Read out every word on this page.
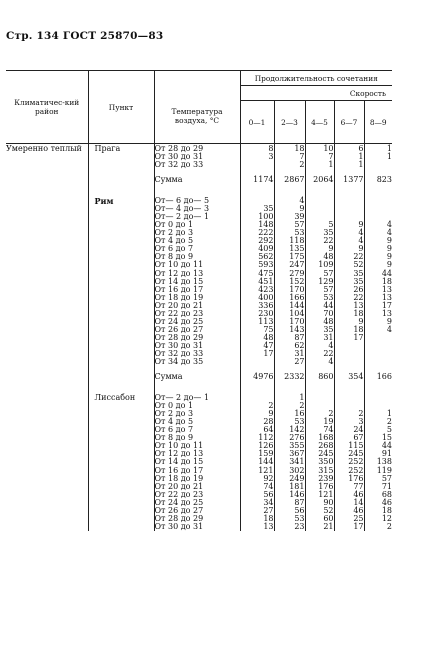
Стр. 134 ГОСТ 25870—83
Климатичес-кий район	Пункт		Продолжительность сочетания				
		Температура воздуха, °C	Скорость				
			0—1	2—3	4—5	6—7	8—9
Умеренно теплый	Прага	От 28 до 29	8	18	10	6	1
		От 30 до 31	3	7	7	1	1
		От 32 до 33		2	1	1	
		Сумма	1174	2867	2064	1377	823

	Рим	От— 6 до— 5		4			
		От— 4 до— 3	35	9			
		От— 2 до— 1	100	39			
		От 0 до 1	148	57	5	9	4
		От 2 до 3	222	53	35	4	4
		От 4 до 5	292	118	22	4	9
		От 6 до 7	409	135	9	9	9
		От 8 до 9	562	175	48	22	9
		От 10 до 11	593	247	109	52	9
		От 12 до 13	475	279	57	35	44
		От 14 до 15	451	152	129	35	18
		От 16 до 17	423	170	57	26	13
		От 18 до 19	400	166	53	22	13
		От 20 до 21	336	144	44	13	17
		От 22 до 23	230	104	70	18	13
		От 24 до 25	113	170	48	9	9
		От 26 до 27	75	143	35	18	4
		От 28 до 29	48	87	31	17	
		От 30 до 31	47	62	4		
		От 32 до 33	17	31	22		
		От 34 до 35		27	4		
		Сумма	4976	2332	860	354	166

	Лиссабон	От— 2 до— 1		1			
		От 0 до 1	2	2			
		От 2 до 3	9	16	2	2	1
		От 4 до 5	28	53	19	3	2
		От 6 до 7	64	142	74	24	5
		От 8 до 9	112	276	168	67	15
		От 10 до 11	126	355	268	115	44
		От 12 до 13	159	367	245	245	91
		От 14 до 15	144	341	350	252	138
		От 16 до 17	121	302	315	252	119
		От 18 до 19	92	249	239	176	57
		От 20 до 21	74	181	176	77	71
		От 22 до 23	56	146	121	46	68
		От 24 до 25	34	87	90	14	46
		От 26 до 27	27	56	52	46	18
		От 28 до 29	18	53	60	25	12
		От 30 до 31	13	23	21	17	2
